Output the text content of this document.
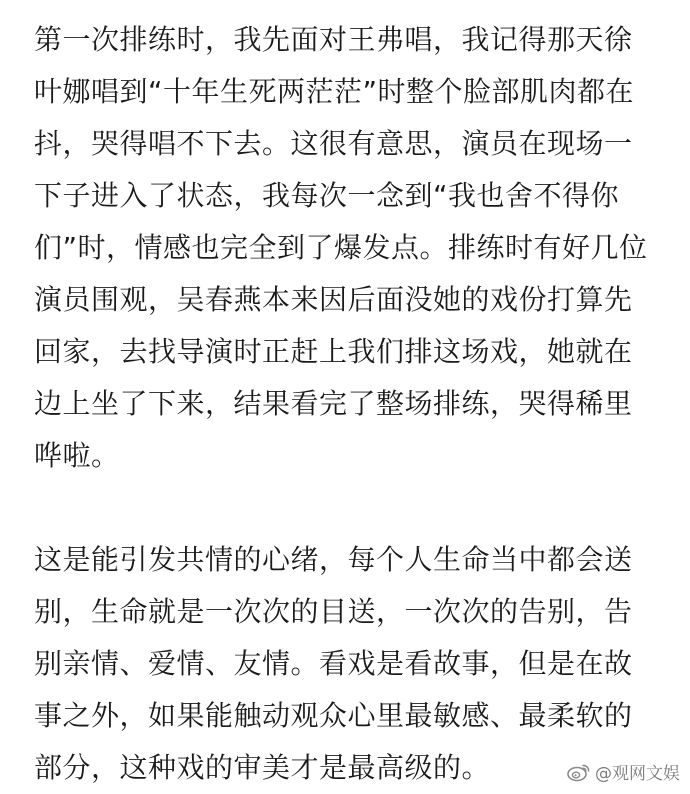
第一次排练时，我先面对王弗唱，我记得那天徐
叶娜唱到“十年生死两茫茫”时整个脸部肌肉都在
抖，哭得唱不下去。这很有意思，演员在现场一
下子进入了状态，我每次一念到“我也舍不得你
们”时，情感也完全到了爆发点。排练时有好几位
演员围观，吴春燕本来因后面没她的戏份打算先
回家，去找导演时正赶上我们排这场戏，她就在
边上坐了下来，结果看完了整场排练，哭得稀里
哗啦。
这是能引发共情的心绪，每个人生命当中都会送
别，生命就是一次次的目送，一次次的告别，告
别亲情、爱情、友情。看戏是看故事，但是在故
事之外，如果能触动观众心里最敏感、最柔软的
部分，这种戏的审美才是最高级的。	@观网文娱
